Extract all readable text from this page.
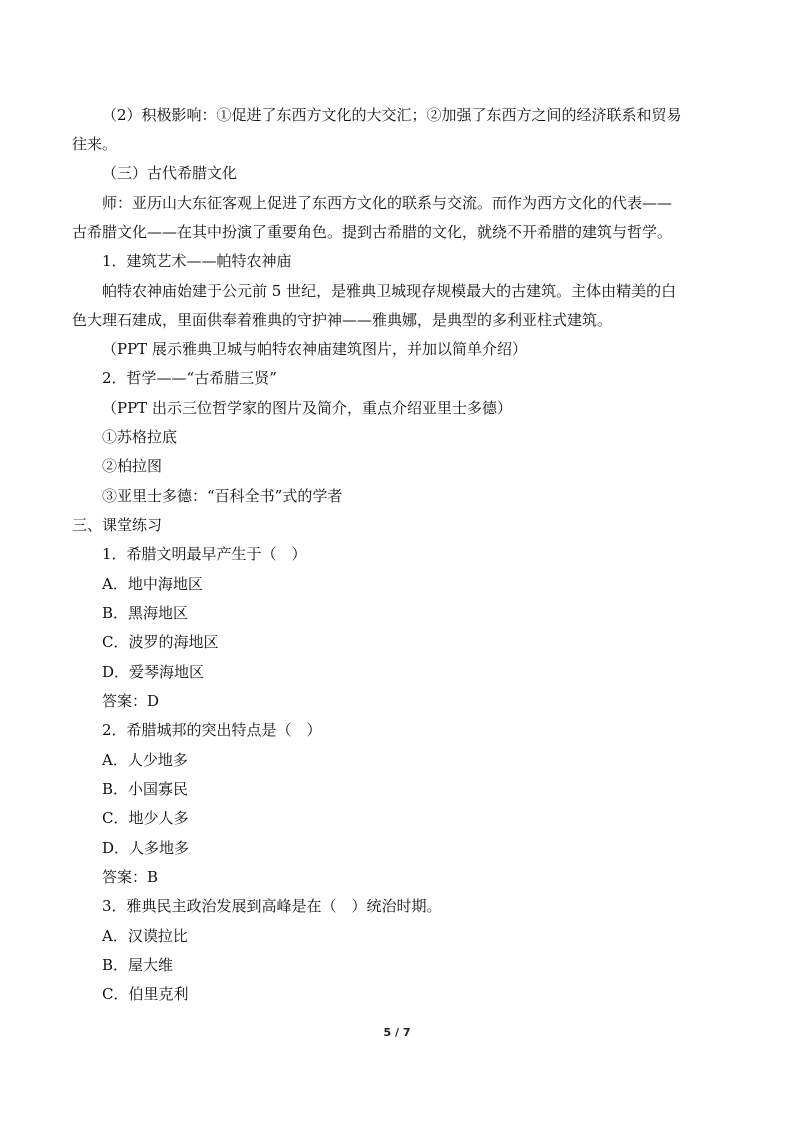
（2）积极影响：①促进了东西方文化的大交汇；②加强了东西方之间的经济联系和贸易
往来。
（三）古代希腊文化
师：亚历山大东征客观上促进了东西方文化的联系与交流。而作为西方文化的代表——
古希腊文化——在其中扮演了重要角色。提到古希腊的文化，就绕不开希腊的建筑与哲学。
1．建筑艺术——帕特农神庙
帕特农神庙始建于公元前 5 世纪，是雅典卫城现存规模最大的古建筑。主体由精美的白
色大理石建成，里面供奉着雅典的守护神——雅典娜，是典型的多利亚柱式建筑。
（PPT 展示雅典卫城与帕特农神庙建筑图片，并加以简单介绍）
2．哲学——“古希腊三贤”
（PPT 出示三位哲学家的图片及简介，重点介绍亚里士多德）
①苏格拉底
②柏拉图
③亚里士多德：“百科全书”式的学者
三、课堂练习
1．希腊文明最早产生于（　）
A．地中海地区
B．黑海地区
C．波罗的海地区
D．爱琴海地区
答案：D
2．希腊城邦的突出特点是（　）
A．人少地多
B．小国寡民
C．地少人多
D．人多地多
答案：B
3．雅典民主政治发展到高峰是在（　）统治时期。
A．汉谟拉比
B．屋大维
C．伯里克利
5 / 7
